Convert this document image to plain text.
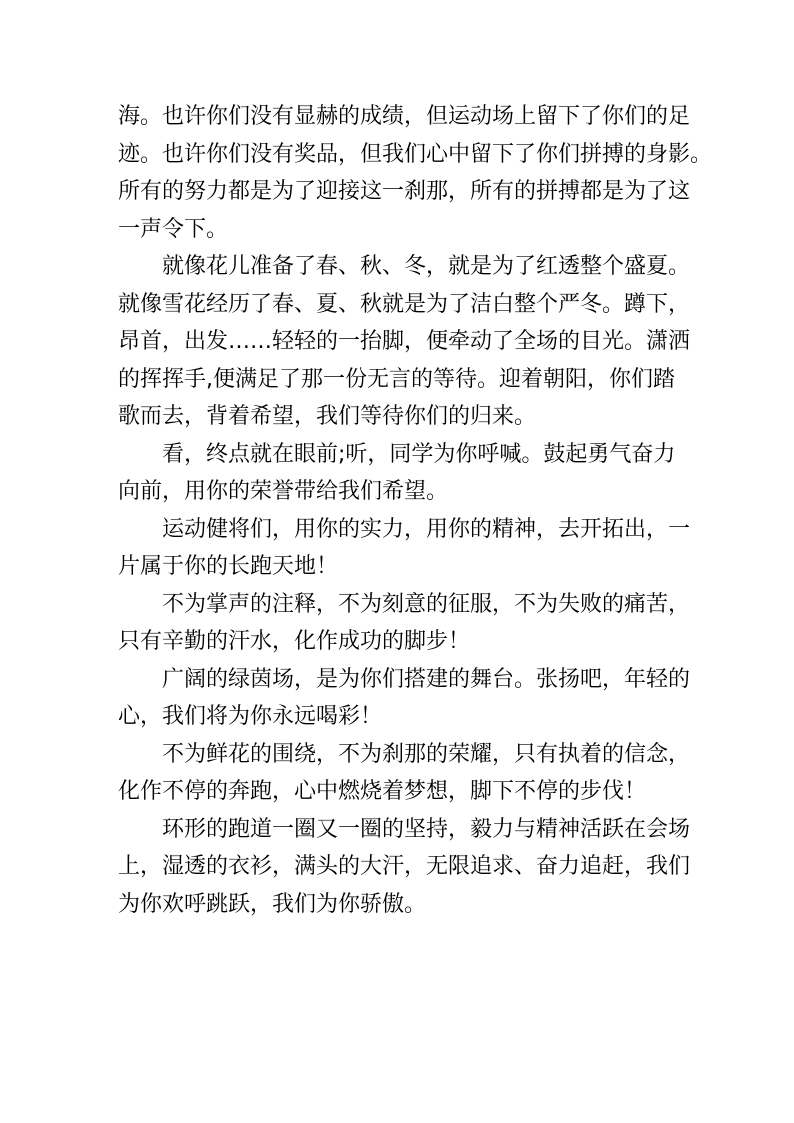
海。也许你们没有显赫的成绩，但运动场上留下了你们的足
迹。也许你们没有奖品，但我们心中留下了你们拼搏的身影。
所有的努力都是为了迎接这一刹那，所有的拼搏都是为了这
一声令下。

就像花儿准备了春、秋、冬，就是为了红透整个盛夏。
就像雪花经历了春、夏、秋就是为了洁白整个严冬。蹲下，
昂首，出发……轻轻的一抬脚，便牵动了全场的目光。潇洒
的挥挥手,便满足了那一份无言的等待。迎着朝阳，你们踏
歌而去，背着希望，我们等待你们的归来。

看，终点就在眼前;听，同学为你呼喊。鼓起勇气奋力
向前，用你的荣誉带给我们希望。

运动健将们，用你的实力，用你的精神，去开拓出，一
片属于你的长跑天地！

不为掌声的注释，不为刻意的征服，不为失败的痛苦，
只有辛勤的汗水，化作成功的脚步！

广阔的绿茵场，是为你们搭建的舞台。张扬吧，年轻的
心，我们将为你永远喝彩！

不为鲜花的围绕，不为刹那的荣耀，只有执着的信念，
化作不停的奔跑，心中燃烧着梦想，脚下不停的步伐！

环形的跑道一圈又一圈的坚持，毅力与精神活跃在会场
上，湿透的衣衫，满头的大汗，无限追求、奋力追赶，我们
为你欢呼跳跃，我们为你骄傲。
